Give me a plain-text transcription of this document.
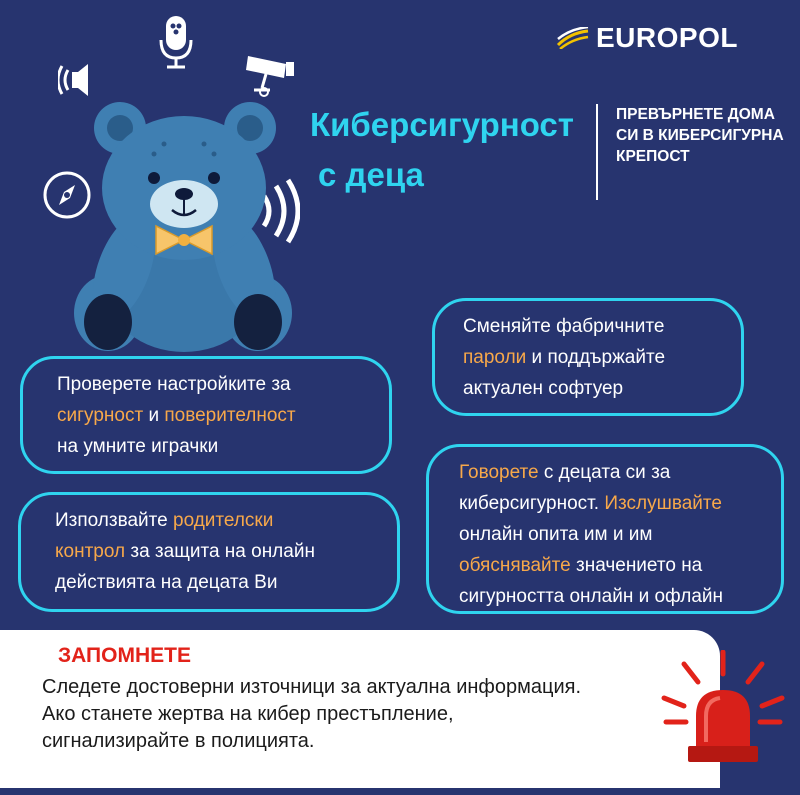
EUROPOL
Киберсигурност
с деца
ПРЕВЪРНЕТЕ ДОМА СИ В КИБЕРСИГУРНА КРЕПОСТ
Проверете настройките за
сигурност и поверителност
на умните играчки
Използвайте родителски
контрол за защита на онлайн
действията на децата Ви
Сменяйте фабричните
пароли и поддържайте
актуален софтуер
Говорете с децата си за
киберсигурност. Изслушвайте
онлайн опита им и им
обяснявайте значението на
сигурността онлайн и офлайн
ЗАПОМНЕТЕ
Следете достоверни източници за актуална информация.
Ако станете жертва на кибер престъпление,
сигнализирайте в полицията.
